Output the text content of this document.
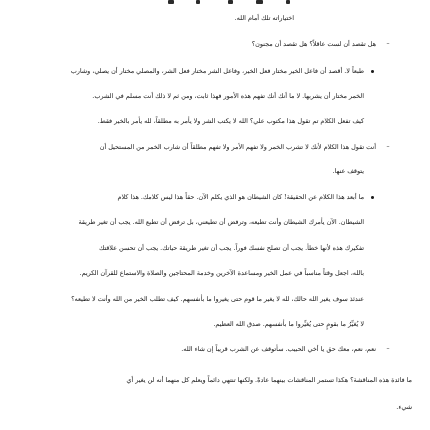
اختياراته تلك أمام الله.
–
هل تقصد أن لست عاقلاً؟ هل تقصد أن مجنون؟
طبعاً لا. أقصد أن فاعل الخير مختار فعل الخير، وفاعل الشر مختار فعل الشر، والمصلي مختار أن يصلي، وشارب
الخمر مختار أن يشربها. لا ما أنك أنك تفهم هذه الأمور فهذا ثابت، ومن ثم لا ذلك أنت مسلم في الشرب.
كيف تفعل الكلام تم تقول هذا مكتوب علي؟ الله لا يكتب الشر ولا يأمر به مطلقاً، لله يأمر بالخير فقط.
–
أنت تقول هذا الكلام لأنك لا تشرب الخمر ولا تفهم الأمر ولا تفهم مطلقاً أن شارب الخمر من المستحيل أن
يتوقف عنها.
ما أبعد هذا الكلام عن الحقيقة! كان الشيطان هو الذي يكلم الآن. حقاً هذا ليس كلامك. هذا كلام
الشيطان. الآن يأمرك الشيطان وأنت تطيعه، وترفض أن تطيعني، بل ترفض أن تطيع الله. يجب أن تغير طريقة
تفكيرك هذه لأنها خطأ. يجب أن تصلح نفسك فوراً. يجب أن تغير طريقة حياتك. يجب أن تحسن علاقتك
بالله، اجعل وقتاً مناسباً في عمل الخير ومساعدة الآخرين وخدمة المحتاجين والصلاة والاستماع للقرآن الكريم.
عندئذ سوف يغير الله حالك، لله لا يغير ما قوم حتى يغيروا ما بأنفسهم. كيف تطلب الخير من الله وأنت لا تطيعه؟
لا يُغيِّرُ ما بقومٍ حتى يُغيِّروا ما بأنفسهم. صدق الله العظيم.
–
نعم، نعم، معك حق يا أخي الحبيب. سأتوقف عن الشرب قريباً إن شاء الله.
ما فائدة هذه المناقشة؟ هكذا تستمر المناقشات بينهما عادةً. ولكنها تنتهي دائماً ويعلم كل منهما أنه لن يغير أي
شيء.
